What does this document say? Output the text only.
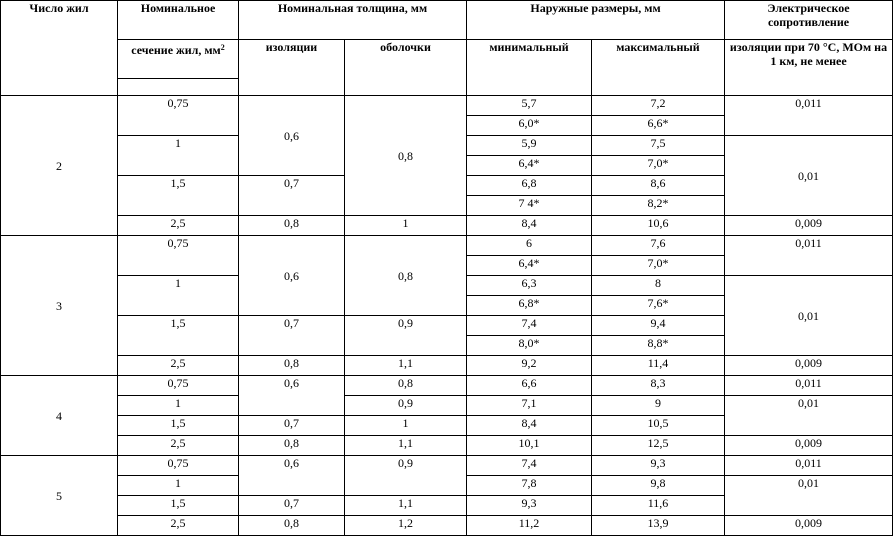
Число жил	Номинальное	Номинальная толщина, мм		Наружные размеры, мм		Электрическое сопротивление
	сечение жил, $мм^2$	изоляции	оболочки	минимальный	максимальный	изоляции при 70 °С, МОм на 1 км, не менее

2	0,75	0,6	0,8	5,7	7,2	0,011
				6,0*	6,6*	
	1			5,9	7,5	0,01
				6,4*	7,0*	
	1,5	0,7		6,8	8,6	
				7 4*	8,2*	
	2,5	0,8	1	8,4	10,6	0,009
3	0,75	0,6	0,8	6	7,6	0,011
				6,4*	7,0*	
	1			6,3	8	0,01
				6,8*	7,6*	
	1,5	0,7	0,9	7,4	9,4	
				8,0*	8,8*	
	2,5	0,8	1,1	9,2	11,4	0,009
4	0,75	0,6	0,8	6,6	8,3	0,011
	1		0,9	7,1	9	0,01
	1,5	0,7	1	8,4	10,5	
	2,5	0,8	1,1	10,1	12,5	0,009
5	0,75	0,6	0,9	7,4	9,3	0,011
	1			7,8	9,8	0,01
	1,5	0,7	1,1	9,3	11,6	
	2,5	0,8	1,2	11,2	13,9	0,009
